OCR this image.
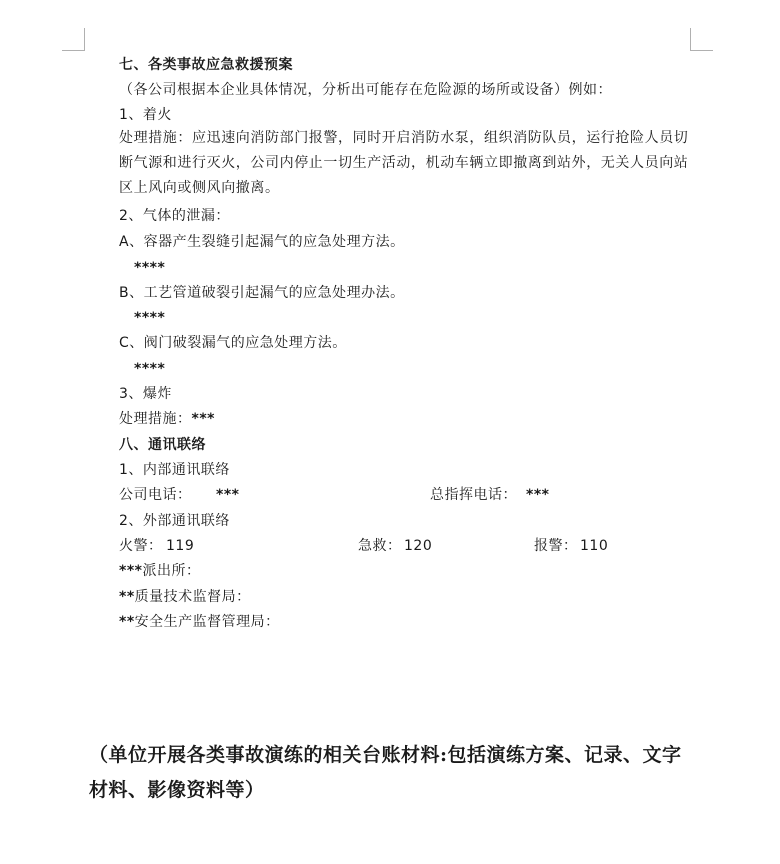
七、各类事故应急救援预案
（各公司根据本企业具体情况，分析出可能存在危险源的场所或设备）例如：
1、着火
处理措施：应迅速向消防部门报警，同时开启消防水泵，组织消防队员，运行抢险人员切断气源和进行灭火，公司内停止一切生产活动，机动车辆立即撤离到站外，无关人员向站区上风向或侧风向撤离。
2、气体的泄漏：
A、容器产生裂缝引起漏气的应急处理方法。
****
B、工艺管道破裂引起漏气的应急处理办法。
****
C、阀门破裂漏气的应急处理方法。
****
3、爆炸
处理措施：***
八、通讯联络
1、内部通讯联络
公司电话： ***	总指挥电话： ***
2、外部通讯联络
火警： 119	急救： 120	报警： 110
***派出所：
**质量技术监督局：
**安全生产监督管理局：
（单位开展各类事故演练的相关台账材料:包括演练方案、记录、文字材料、影像资料等）
